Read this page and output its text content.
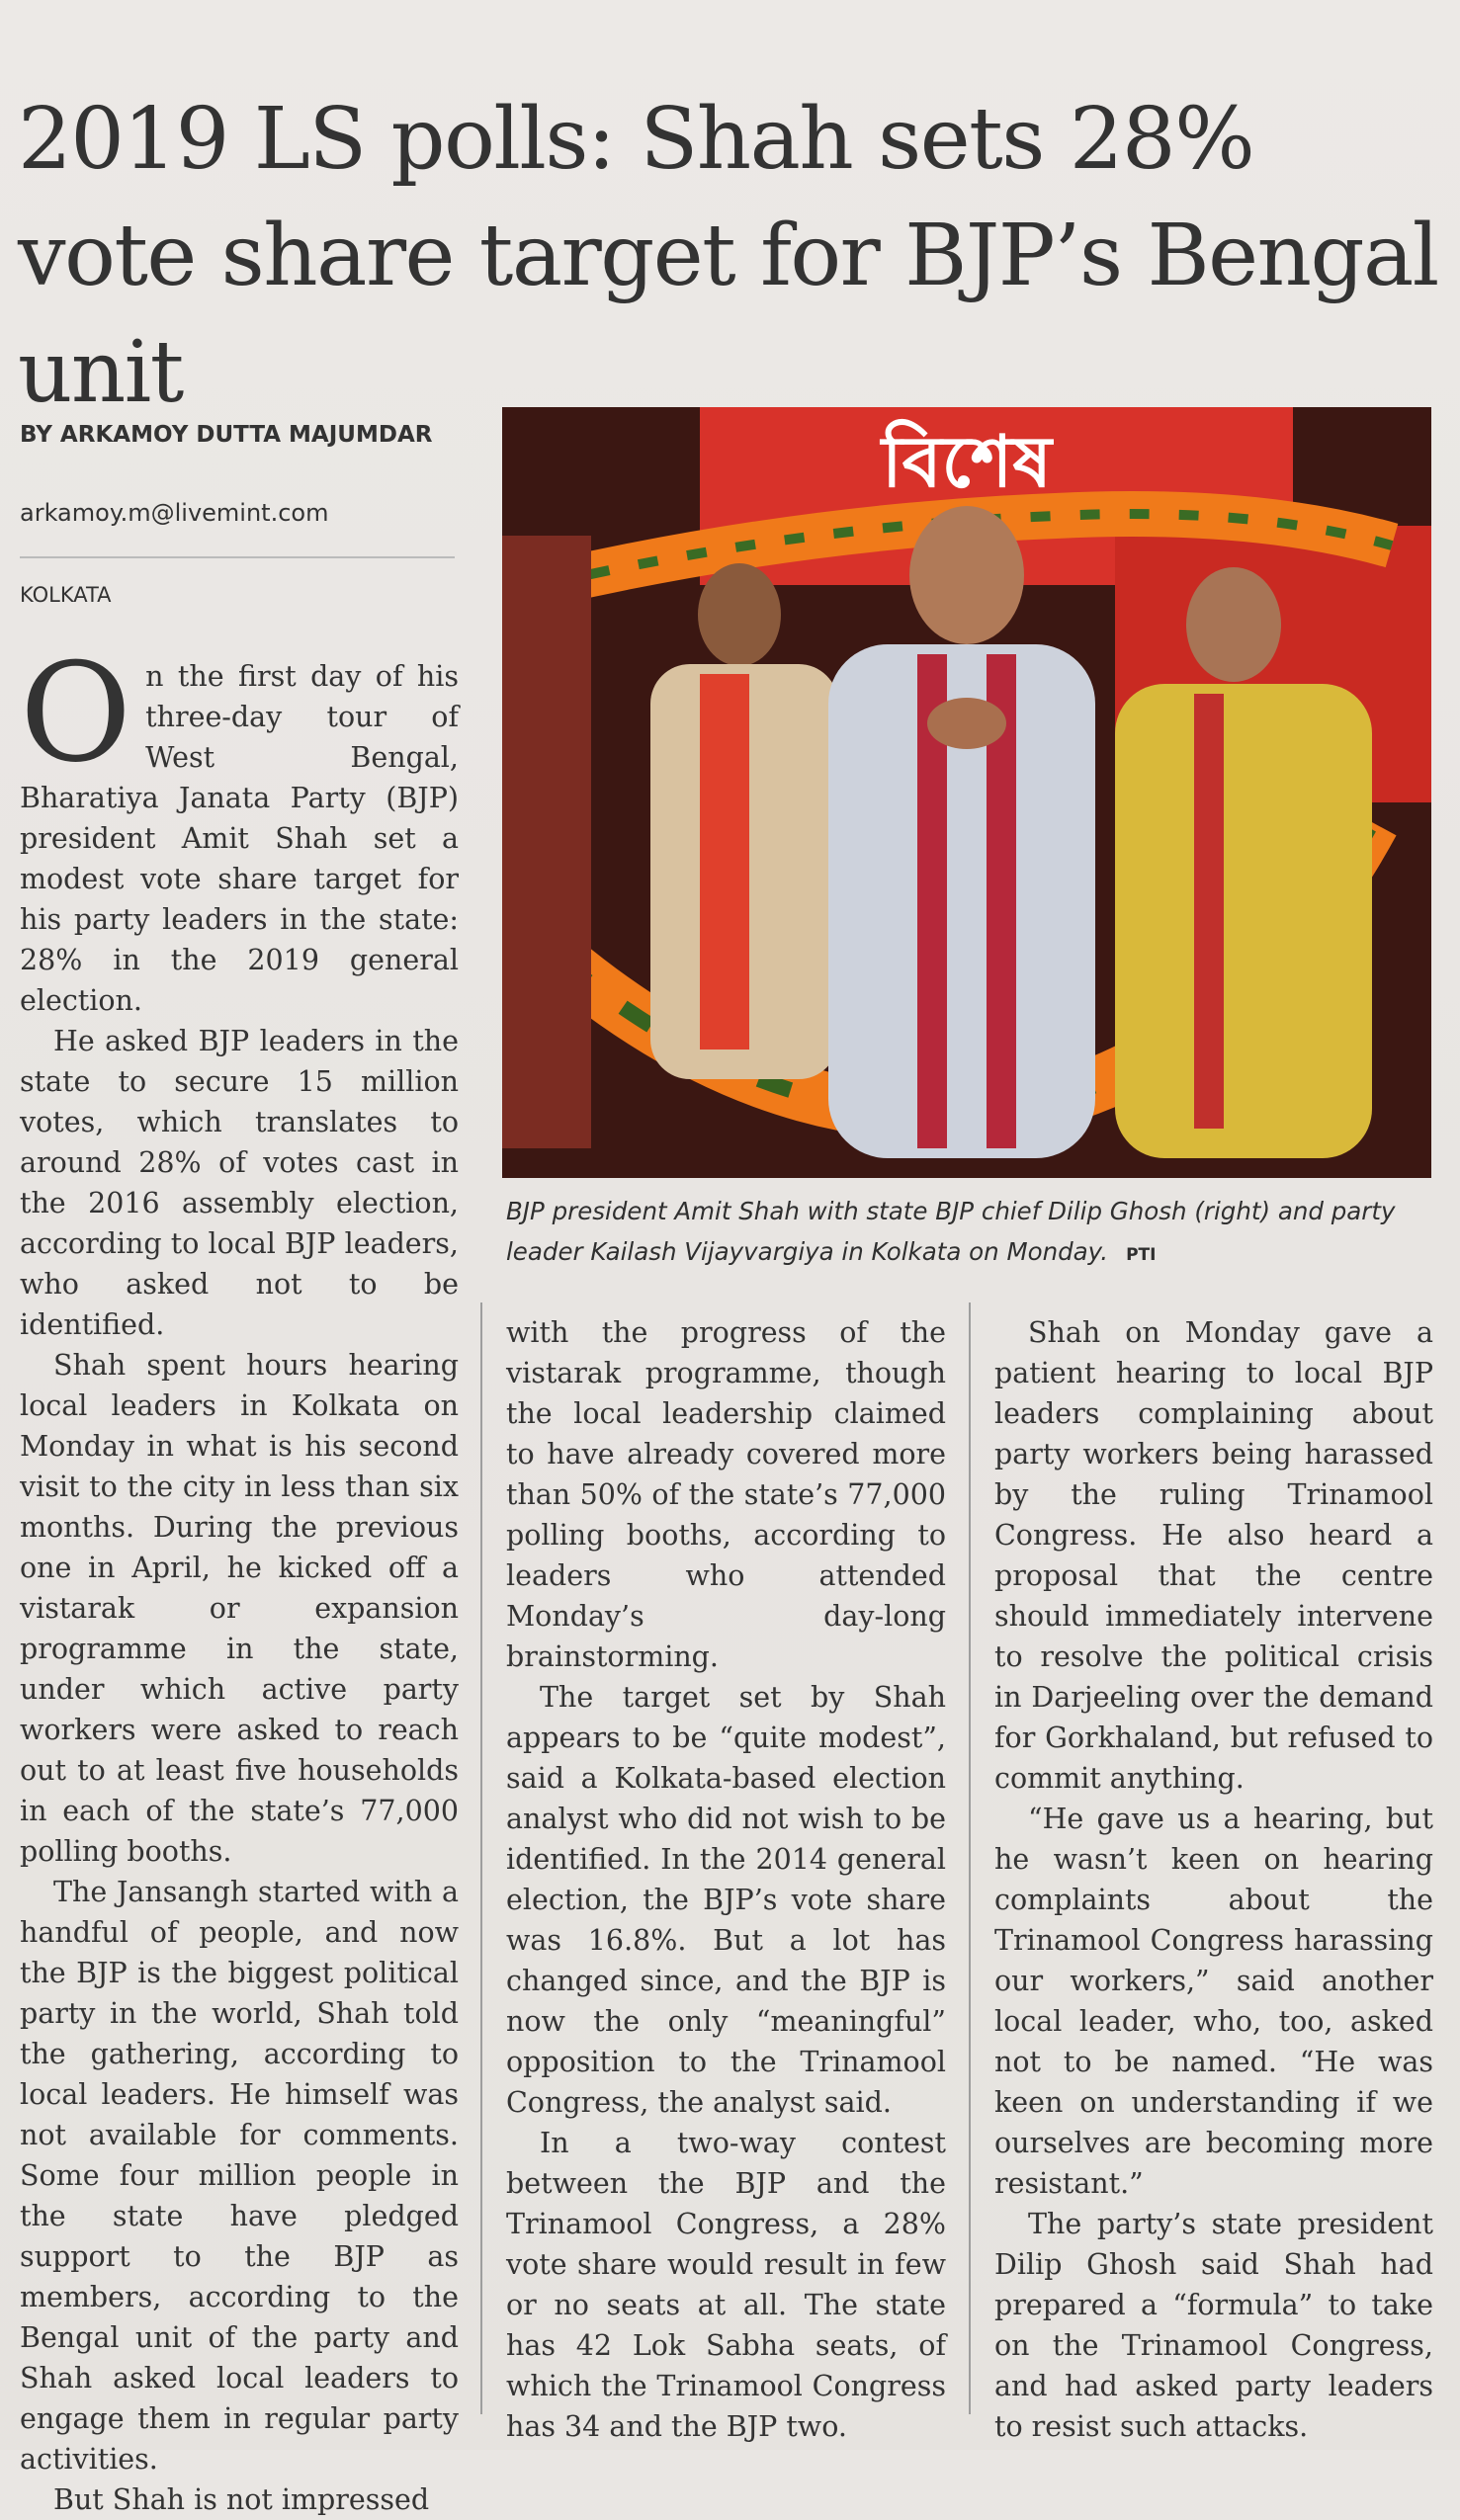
2019 LS polls: Shah sets 28% vote share target for BJP’s Bengal unit
BY ARKAMOY DUTTA MAJUMDAR
arkamoy.m@livemint.com
KOLKATA

On the first day of his three-day tour of West Bengal, Bharatiya Janata Party (BJP) president Amit Shah set a modest vote share target for his party leaders in the state: 28% in the 2019 general election.

He asked BJP leaders in the state to secure 15 million votes, which translates to around 28% of votes cast in the 2016 assembly election, according to local BJP leaders, who asked not to be identified.

Shah spent hours hearing local leaders in Kolkata on Monday in what is his second visit to the city in less than six months. During the previous one in April, he kicked off a vistarak or expansion programme in the state, under which active party workers were asked to reach out to at least five households in each of the state’s 77,000 polling booths.

The Jansangh started with a handful of people, and now the BJP is the biggest political party in the world, Shah told the gathering, according to local leaders. He himself was not available for comments. Some four million people in the state have pledged support to the BJP as members, according to the Bengal unit of the party and Shah asked local leaders to engage them in regular party activities.

But Shah is not impressed

বিশেষ
BJP president Amit Shah with state BJP chief Dilip Ghosh (right) and party leader Kailash Vijayvargiya in Kolkata on Monday. PTI

with the progress of the vistarak programme, though the local leadership claimed to have already covered more than 50% of the state’s 77,000 polling booths, according to leaders who attended Monday’s day-long brainstorming.

The target set by Shah appears to be “quite modest”, said a Kolkata-based election analyst who did not wish to be identified. In the 2014 general election, the BJP’s vote share was 16.8%. But a lot has changed since, and the BJP is now the only “meaningful” opposition to the Trinamool Congress, the analyst said.

In a two-way contest between the BJP and the Trinamool Congress, a 28% vote share would result in few or no seats at all. The state has 42 Lok Sabha seats, of which the Trinamool Congress has 34 and the BJP two.

Shah on Monday gave a patient hearing to local BJP leaders complaining about party workers being harassed by the ruling Trinamool Congress. He also heard a proposal that the centre should immediately intervene to resolve the political crisis in Darjeeling over the demand for Gorkhaland, but refused to commit anything.

“He gave us a hearing, but he wasn’t keen on hearing complaints about the Trinamool Congress harassing our workers,” said another local leader, who, too, asked not to be named. “He was keen on understanding if we ourselves are becoming more resistant.”

The party’s state president Dilip Ghosh said Shah had prepared a “formula” to take on the Trinamool Congress, and had asked party leaders to resist such attacks.
